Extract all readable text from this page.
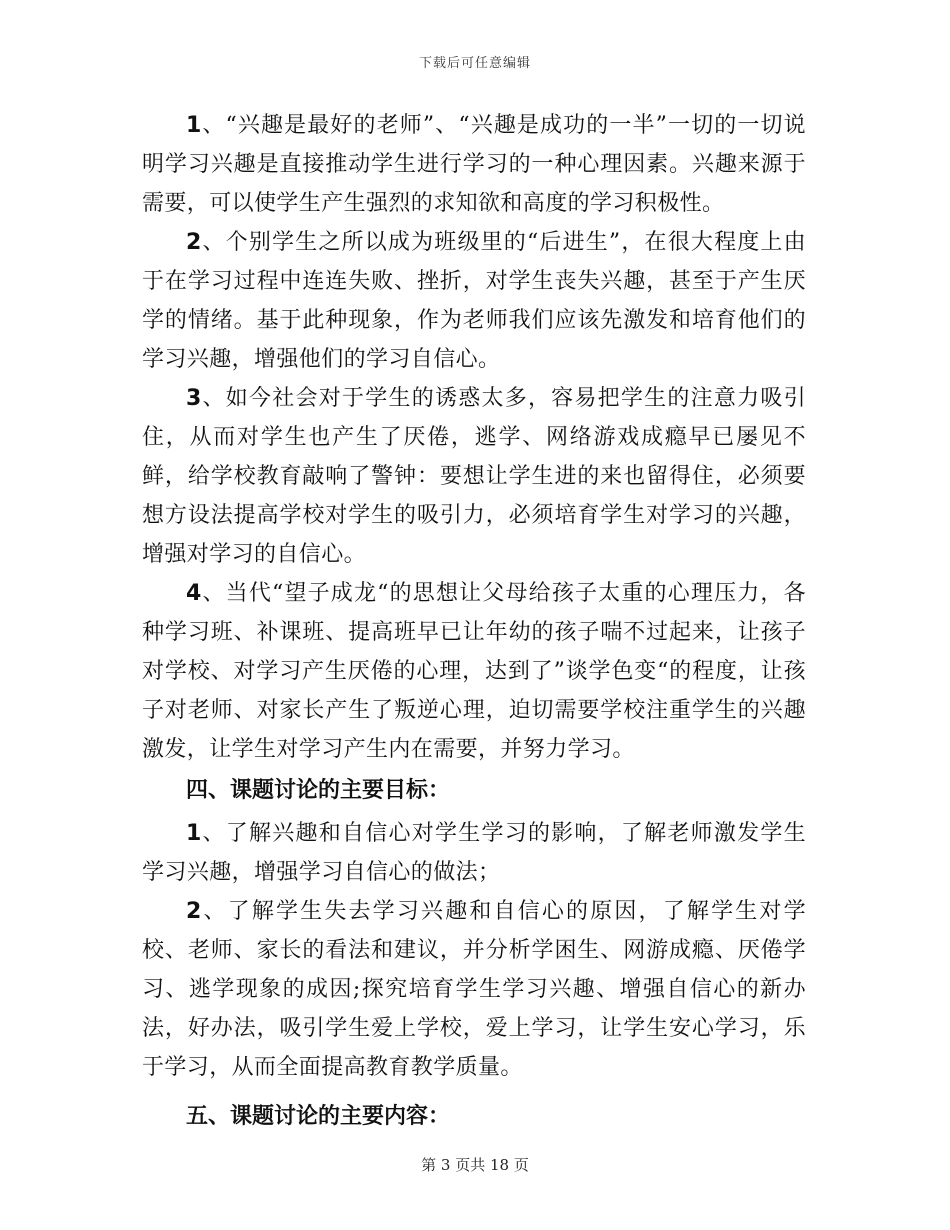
下载后可任意编辑

1、“兴趣是最好的老师”、“兴趣是成功的一半”一切的一切说明学习兴趣是直接推动学生进行学习的一种心理因素。兴趣来源于需要，可以使学生产生强烈的求知欲和高度的学习积极性。

2、个别学生之所以成为班级里的“后进生”，在很大程度上由于在学习过程中连连失败、挫折，对学生丧失兴趣，甚至于产生厌学的情绪。基于此种现象，作为老师我们应该先激发和培育他们的学习兴趣，增强他们的学习自信心。

3、如今社会对于学生的诱惑太多，容易把学生的注意力吸引住，从而对学生也产生了厌倦，逃学、网络游戏成瘾早已屡见不鲜，给学校教育敲响了警钟：要想让学生进的来也留得住，必须要想方设法提高学校对学生的吸引力，必须培育学生对学习的兴趣，增强对学习的自信心。

4、当代“望子成龙“的思想让父母给孩子太重的心理压力，各种学习班、补课班、提高班早已让年幼的孩子喘不过起来，让孩子对学校、对学习产生厌倦的心理，达到了”谈学色变“的程度，让孩子对老师、对家长产生了叛逆心理，迫切需要学校注重学生的兴趣激发，让学生对学习产生内在需要，并努力学习。

四、课题讨论的主要目标：

1、了解兴趣和自信心对学生学习的影响，了解老师激发学生学习兴趣，增强学习自信心的做法；

2、了解学生失去学习兴趣和自信心的原因，了解学生对学校、老师、家长的看法和建议，并分析学困生、网游成瘾、厌倦学习、逃学现象的成因;探究培育学生学习兴趣、增强自信心的新办法，好办法，吸引学生爱上学校，爱上学习，让学生安心学习，乐于学习，从而全面提高教育教学质量。

五、课题讨论的主要内容：

第 3 页共 18 页
